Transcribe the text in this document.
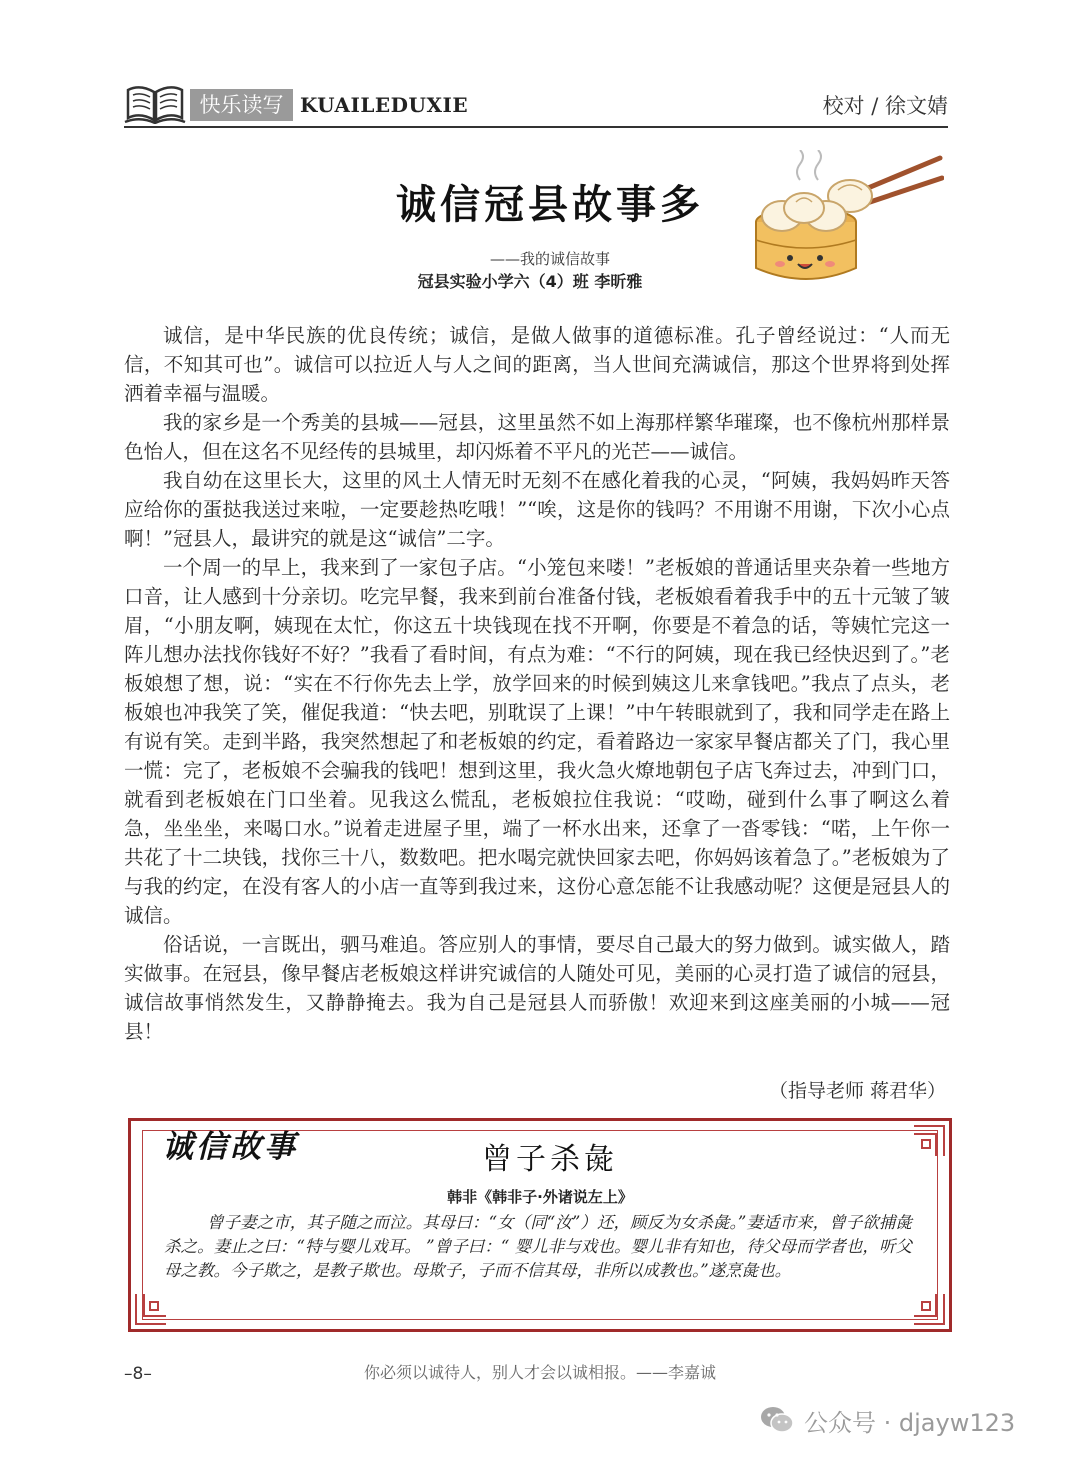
快乐读写 KUAILEDUXIE	校对 / 徐文婧
诚信冠县故事多
——我的诚信故事
冠县实验小学六（4）班 李昕雅

诚信，是中华民族的优良传统；诚信，是做人做事的道德标准。孔子曾经说过：“人而无信，不知其可也”。诚信可以拉近人与人之间的距离，当人世间充满诚信，那这个世界将到处挥洒着幸福与温暖。

我的家乡是一个秀美的县城——冠县，这里虽然不如上海那样繁华璀璨，也不像杭州那样景色怡人，但在这名不见经传的县城里，却闪烁着不平凡的光芒——诚信。

我自幼在这里长大，这里的风土人情无时无刻不在感化着我的心灵，“阿姨，我妈妈昨天答应给你的蛋挞我送过来啦，一定要趁热吃哦！”“唉，这是你的钱吗？不用谢不用谢，下次小心点啊！”冠县人，最讲究的就是这“诚信”二字。

一个周一的早上，我来到了一家包子店。“小笼包来喽！”老板娘的普通话里夹杂着一些地方口音，让人感到十分亲切。吃完早餐，我来到前台准备付钱，老板娘看着我手中的五十元皱了皱眉，“小朋友啊，姨现在太忙，你这五十块钱现在找不开啊，你要是不着急的话，等姨忙完这一阵儿想办法找你钱好不好？”我看了看时间，有点为难：“不行的阿姨，现在我已经快迟到了。”老板娘想了想，说：“实在不行你先去上学，放学回来的时候到姨这儿来拿钱吧。”我点了点头，老板娘也冲我笑了笑，催促我道：“快去吧，别耽误了上课！”中午转眼就到了，我和同学走在路上有说有笑。走到半路，我突然想起了和老板娘的约定，看着路边一家家早餐店都关了门，我心里一慌：完了，老板娘不会骗我的钱吧！想到这里，我火急火燎地朝包子店飞奔过去，冲到门口，就看到老板娘在门口坐着。见我这么慌乱，老板娘拉住我说：“哎呦，碰到什么事了啊这么着急，坐坐坐，来喝口水。”说着走进屋子里，端了一杯水出来，还拿了一沓零钱：“喏，上午你一共花了十二块钱，找你三十八，数数吧。把水喝完就快回家去吧，你妈妈该着急了。”老板娘为了与我的约定，在没有客人的小店一直等到我过来，这份心意怎能不让我感动呢？这便是冠县人的诚信。

俗话说，一言既出，驷马难追。答应别人的事情，要尽自己最大的努力做到。诚实做人，踏实做事。在冠县，像早餐店老板娘这样讲究诚信的人随处可见，美丽的心灵打造了诚信的冠县，诚信故事悄然发生，又静静掩去。我为自己是冠县人而骄傲！欢迎来到这座美丽的小城——冠县！

（指导老师 蒋君华）
诚信故事	曾子杀彘
韩非《韩非子·外诸说左上》

曾子妻之市，其子随之而泣。其母曰：“女（同“汝”）还，顾反为女杀彘。”妻适市来，曾子欲捕彘杀之。妻止之曰：“特与婴儿戏耳。 ”曾子曰：“ 婴儿非与戏也。婴儿非有知也，待父母而学者也，听父母之教。今子欺之，是教子欺也。母欺子，子而不信其母，非所以成教也。”遂烹彘也。

–8–	你必须以诚待人，别人才会以诚相报。——李嘉诚
公众号 · djayw123
